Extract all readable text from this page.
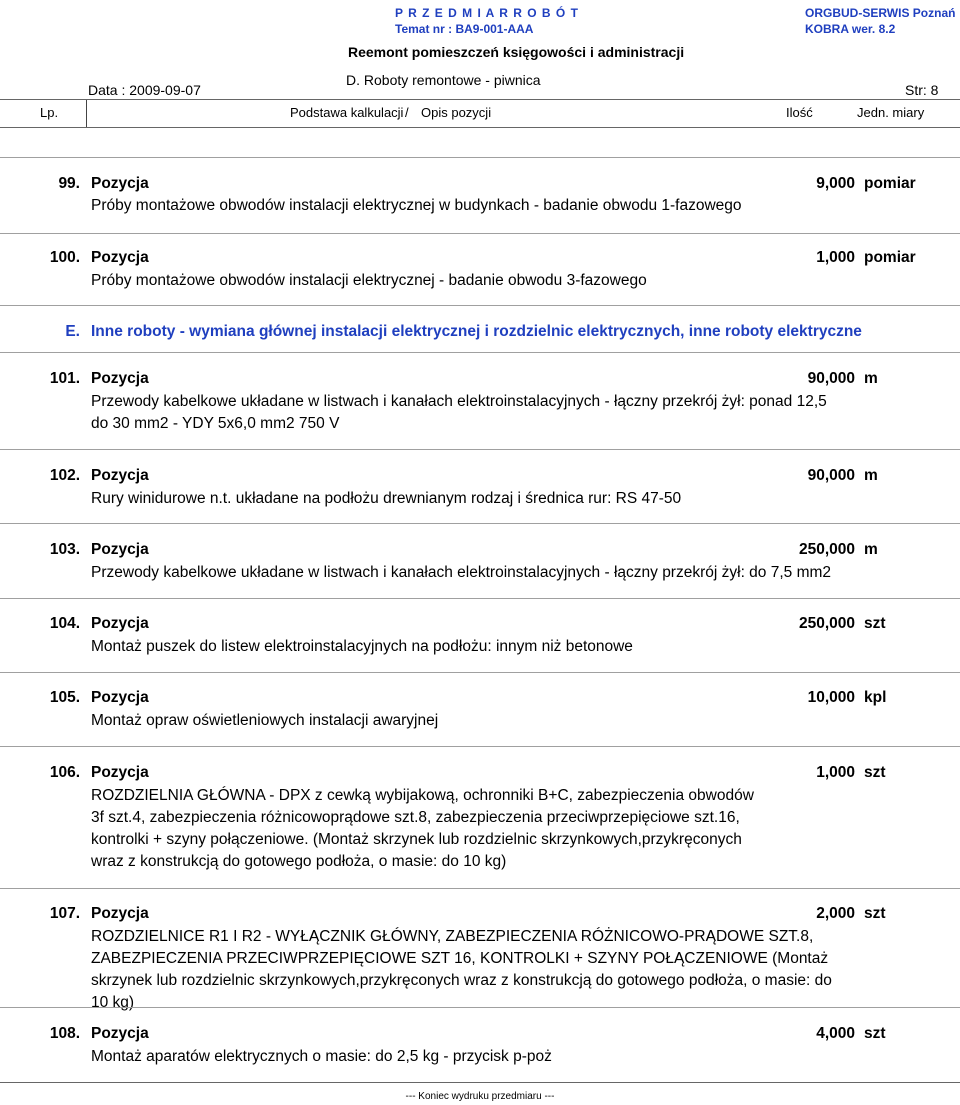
P R Z E D M I A R R O B Ó T
Temat nr : BA9-001-AAA
ORGBUD-SERWIS Poznań
KOBRA wer. 8.2
Reemont pomieszczeń księgowości i administracji
D. Roboty remontowe - piwnica
Data : 2009-09-07	Str: 8
Lp.	Podstawa kalkulacji / Opis pozycji	Ilość	Jedn. miary
99. Pozycja	9,000 pomiar
Próby montażowe obwodów instalacji elektrycznej w budynkach - badanie obwodu 1-fazowego
100. Pozycja	1,000 pomiar
Próby montażowe obwodów instalacji elektrycznej - badanie obwodu 3-fazowego
E. Inne roboty - wymiana głównej instalacji elektrycznej i rozdzielnic elektrycznych, inne roboty elektryczne
101. Pozycja	90,000 m
Przewody kabelkowe układane w listwach i kanałach elektroinstalacyjnych - łączny przekrój żył: ponad 12,5 do 30 mm2 - YDY 5x6,0 mm2 750 V
102. Pozycja	90,000 m
Rury winidurowe n.t. układane na podłożu drewnianym rodzaj i średnica rur: RS 47-50
103. Pozycja	250,000 m
Przewody kabelkowe układane w listwach i kanałach elektroinstalacyjnych - łączny przekrój żył: do 7,5 mm2
104. Pozycja	250,000 szt
Montaż puszek do listew elektroinstalacyjnych na podłożu: innym niż betonowe
105. Pozycja	10,000 kpl
Montaż opraw oświetleniowych instalacji awaryjnej
106. Pozycja	1,000 szt
ROZDZIELNIA GŁÓWNA - DPX z cewką wybijakową, ochronniki B+C, zabezpieczenia obwodów 3f szt.4, zabezpieczenia różnicowoprądowe szt.8, zabezpieczenia przeciwprzepięciowe szt.16, kontrolki + szyny połączeniowe. (Montaż skrzynek lub rozdzielnic skrzynkowych,przykręconych wraz z konstrukcją do gotowego podłoża, o masie: do 10 kg)
107. Pozycja	2,000 szt
ROZDZIELNICE R1 I R2 - WYŁĄCZNIK GŁÓWNY, ZABEZPIECZENIA RÓŻNICOWO-PRĄDOWE SZT.8, ZABEZPIECZENIA PRZECIWPRZEPIĘCIOWE SZT 16, KONTROLKI + SZYNY POŁĄCZENIOWE (Montaż skrzynek lub rozdzielnic skrzynkowych,przykręconych wraz z konstrukcją do gotowego podłoża, o masie: do 10 kg)
108. Pozycja	4,000 szt
Montaż aparatów elektrycznych o masie: do 2,5 kg - przycisk p-poż
--- Koniec wydruku przedmiaru ---
